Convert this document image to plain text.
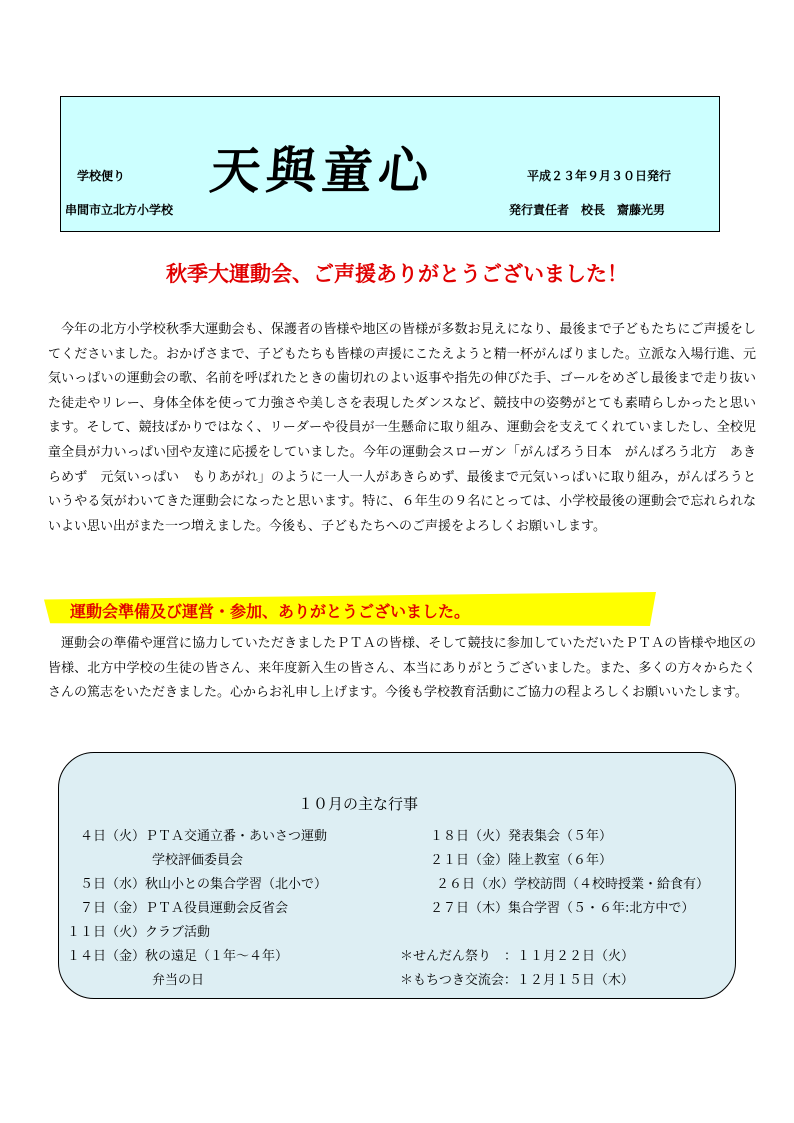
学校便り 天與童心
串間市立北方小学校
平成２３年９月３０日発行
発行責任者　校長　齋藤光男
秋季大運動会、ご声援ありがとうございました！
今年の北方小学校秋季大運動会も、保護者の皆様や地区の皆様が多数お見えになり、最後まで子どもたちにご声援をしてくださいました。おかげさまで、子どもたちも皆様の声援にこたえようと精一杯がんばりました。立派な入場行進、元気いっぱいの運動会の歌、名前を呼ばれたときの歯切れのよい返事や指先の伸びた手、ゴールをめざし最後まで走り抜いた徒走やリレー、身体全体を使って力強さや美しさを表現したダンスなど、競技中の姿勢がとても素晴らしかったと思います。そして、競技ばかりではなく、リーダーや役員が一生懸命に取り組み、運動会を支えてくれていましたし、全校児童全員が力いっぱい団や友達に応援をしていました。今年の運動会スローガン「がんばろう日本　がんばろう北方　あきらめず　元気いっぱい　もりあがれ」のように一人一人があきらめず、最後まで元気いっぱいに取り組み，がんばろうというやる気がわいてきた運動会になったと思います。特に、６年生の９名にとっては、小学校最後の運動会で忘れられないよい思い出がまた一つ増えました。今後も、子どもたちへのご声援をよろしくお願いします。
運動会準備及び運営・参加、ありがとうございました。
運動会の準備や運営に協力していただきましたＰＴＡの皆様、そして競技に参加していただいたＰＴＡの皆様や地区の皆様、北方中学校の生徒の皆さん、来年度新入生の皆さん、本当にありがとうございました。また、多くの方々からたくさんの篤志をいただきました。心からお礼申し上げます。今後も学校教育活動にご協力の程よろしくお願いいたします。
１０月の主な行事
４日（火）ＰＴＡ交通立番・あいさつ運動
学校評価委員会
５日（水）秋山小との集合学習（北小で）
７日（金）ＰＴＡ役員運動会反省会
１１日（火）クラブ活動
１４日（金）秋の遠足（１年～４年）
弁当の日
１８日（火）発表集会（５年）
２１日（金）陸上教室（６年）
２６日（水）学校訪問（４校時授業・給食有）
２７日（木）集合学習（５・６年:北方中で）
＊せんだん祭り　：１１月２２日（火）
＊もちつき交流会：１２月１５日（木）
